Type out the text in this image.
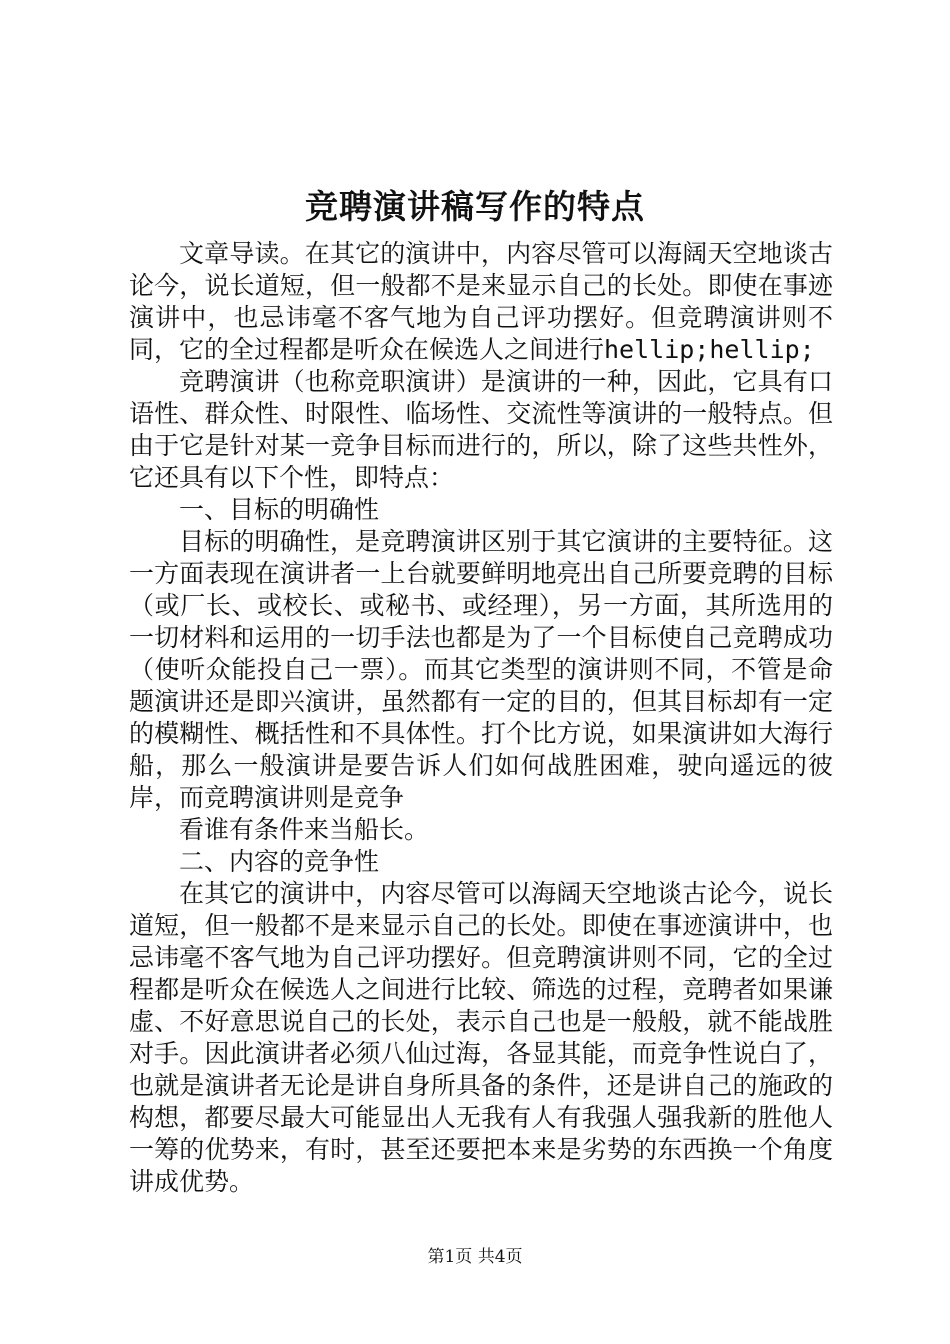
竞聘演讲稿写作的特点

文章导读。在其它的演讲中，内容尽管可以海阔天空地谈古论今，说长道短，但一般都不是来显示自己的长处。即使在事迹演讲中，也忌讳毫不客气地为自己评功摆好。但竞聘演讲则不同，它的全过程都是听众在候选人之间进行hellip;hellip;

竞聘演讲（也称竞职演讲）是演讲的一种，因此，它具有口语性、群众性、时限性、临场性、交流性等演讲的一般特点。但由于它是针对某一竞争目标而进行的，所以，除了这些共性外，它还具有以下个性，即特点：

一、目标的明确性

目标的明确性，是竞聘演讲区别于其它演讲的主要特征。这一方面表现在演讲者一上台就要鲜明地亮出自己所要竞聘的目标（或厂长、或校长、或秘书、或经理），另一方面，其所选用的一切材料和运用的一切手法也都是为了一个目标使自己竞聘成功（使听众能投自己一票）。而其它类型的演讲则不同，不管是命题演讲还是即兴演讲，虽然都有一定的目的，但其目标却有一定的模糊性、概括性和不具体性。打个比方说，如果演讲如大海行船，那么一般演讲是要告诉人们如何战胜困难，驶向遥远的彼岸，而竞聘演讲则是竞争

看谁有条件来当船长。

二、内容的竞争性

在其它的演讲中，内容尽管可以海阔天空地谈古论今，说长道短，但一般都不是来显示自己的长处。即使在事迹演讲中，也忌讳毫不客气地为自己评功摆好。但竞聘演讲则不同，它的全过程都是听众在候选人之间进行比较、筛选的过程，竞聘者如果谦虚、不好意思说自己的长处，表示自己也是一般般，就不能战胜对手。因此演讲者必须八仙过海，各显其能，而竞争性说白了，也就是演讲者无论是讲自身所具备的条件，还是讲自己的施政的构想，都要尽最大可能显出人无我有人有我强人强我新的胜他人一筹的优势来，有时，甚至还要把本来是劣势的东西换一个角度讲成优势。

第1页 共4页
